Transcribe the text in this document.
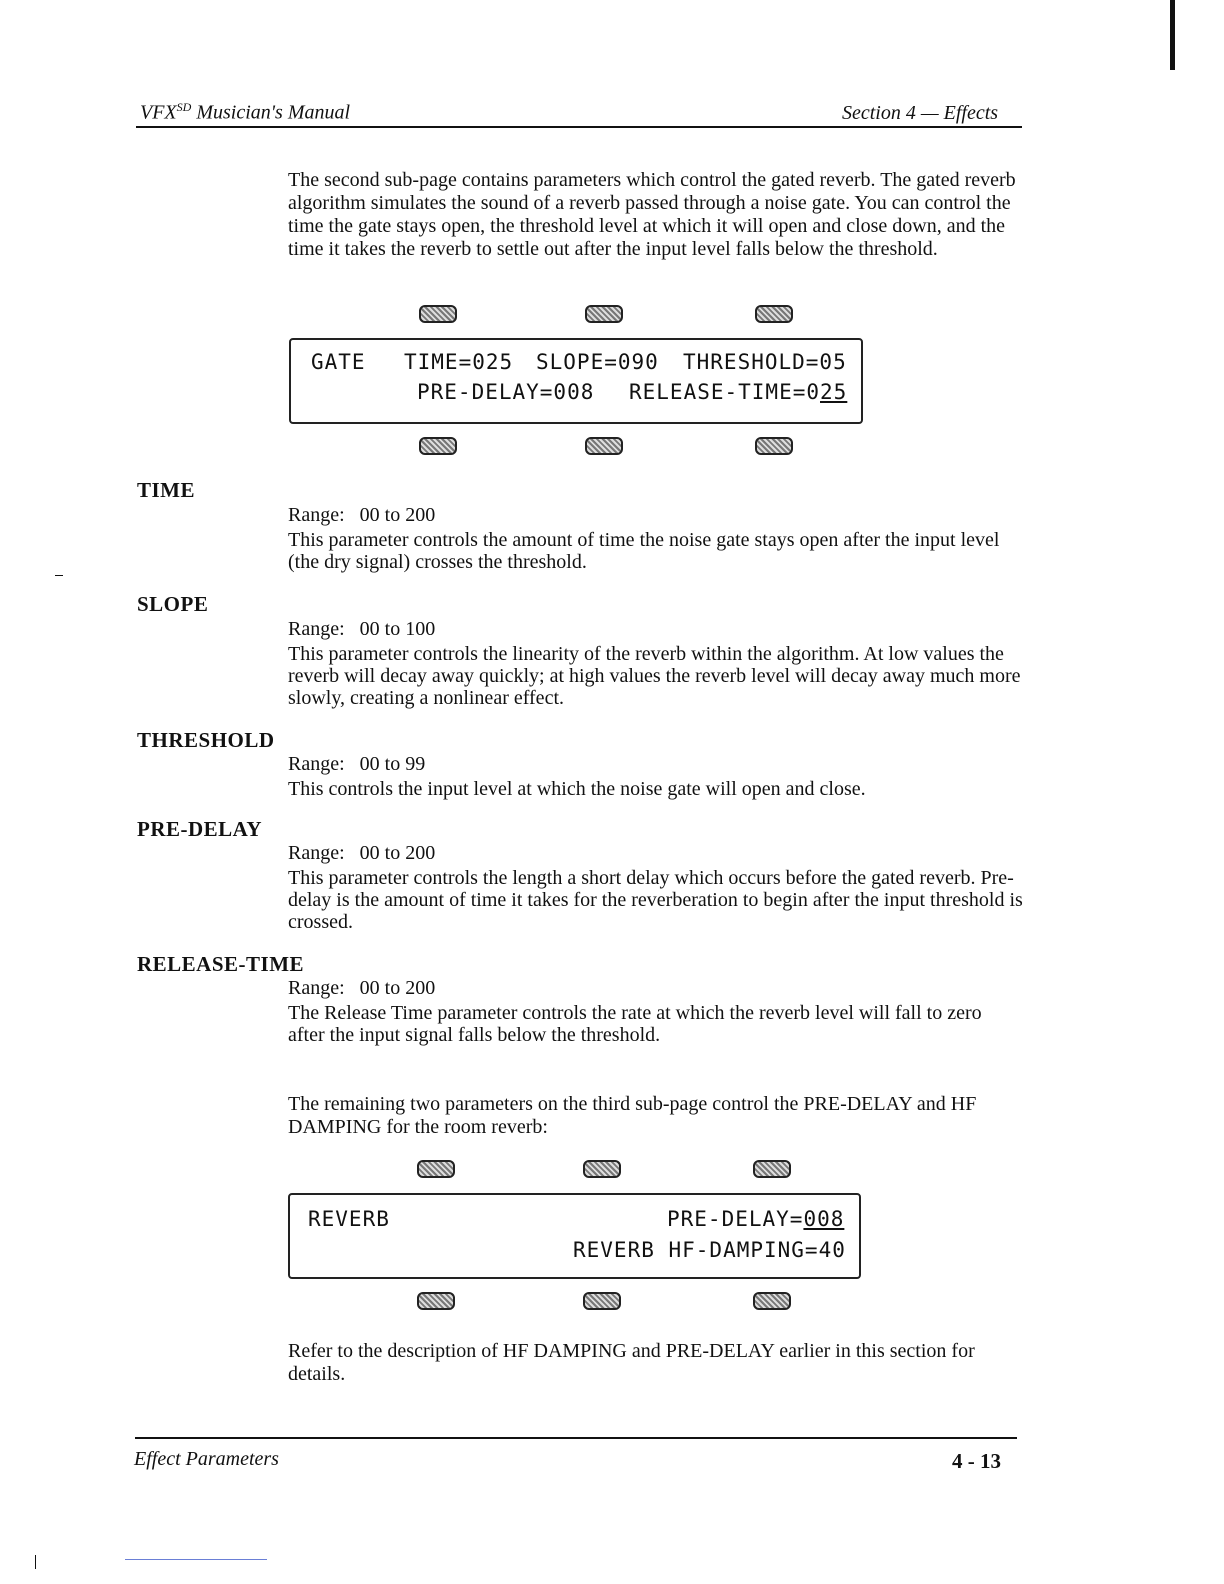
$VFX^{SD}$ Musician's Manual	Section 4 — Effects
The second sub-page contains parameters which control the gated reverb. The gated reverb algorithm simulates the sound of a reverb passed through a noise gate. You can control the time the gate stays open, the threshold level at which it will open and close down, and the time it takes the reverb to settle out after the input level falls below the threshold.
GATE TIME=025 SLOPE=090 THRESHOLD=05
PRE-DELAY=008 RELEASE-TIME=025
TIME
Range:   00 to 200
This parameter controls the amount of time the noise gate stays open after the input level (the dry signal) crosses the threshold.
SLOPE
Range:   00 to 100
This parameter controls the linearity of the reverb within the algorithm. At low values the reverb will decay away quickly; at high values the reverb level will decay away much more slowly, creating a nonlinear effect.
THRESHOLD
Range:   00 to 99
This controls the input level at which the noise gate will open and close.
PRE-DELAY
Range:   00 to 200
This parameter controls the length a short delay which occurs before the gated reverb. Pre-delay is the amount of time it takes for the reverberation to begin after the input threshold is crossed.
RELEASE-TIME
Range:   00 to 200
The Release Time parameter controls the rate at which the reverb level will fall to zero after the input signal falls below the threshold.
The remaining two parameters on the third sub-page control the PRE-DELAY and HF DAMPING for the room reverb:
REVERB	PRE-DELAY=008
REVERB HF-DAMPING=40
Refer to the description of HF DAMPING and PRE-DELAY earlier in this section for details.
Effect Parameters	4 - 13
